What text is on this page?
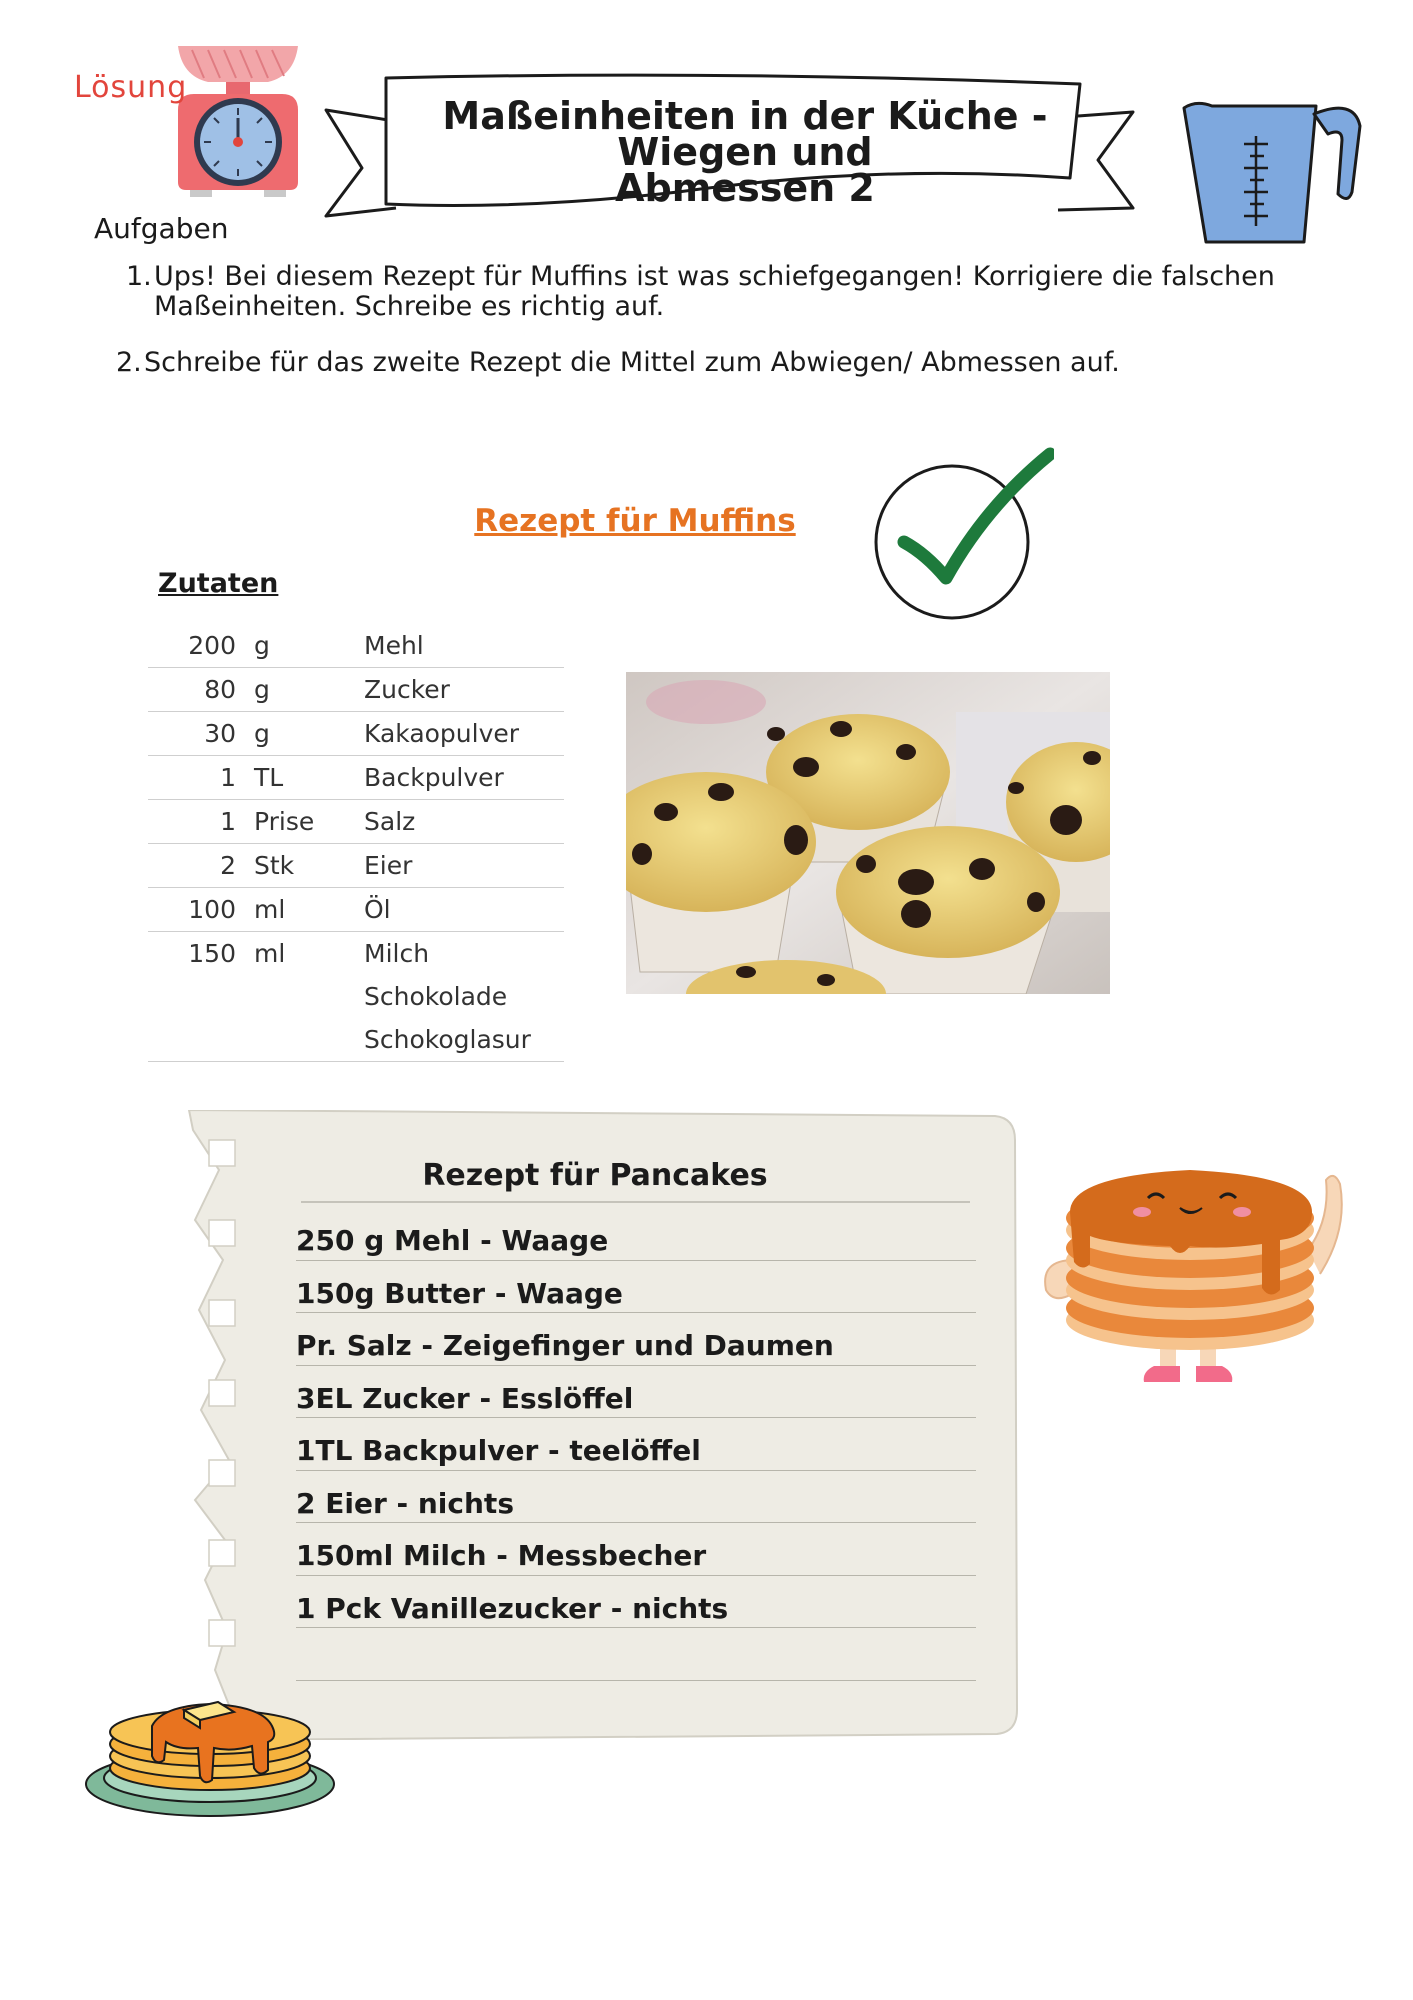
Lösung
Maßeinheiten in der Küche - Wiegen und
Abmessen 2
Aufgaben
1.Ups! Bei diesem Rezept für Muffins ist was schiefgegangen! Korrigiere die falschen
Maßeinheiten. Schreibe es richtig auf.
2.Schreibe für das zweite Rezept die Mittel zum Abwiegen/ Abmessen auf.
Rezept für Muffins
Zutaten
200	g	Mehl
80	g	Zucker
30	g	Kakaopulver
1	TL	Backpulver
1	Prise	Salz
2	Stk	Eier
100	ml	Öl
150	ml	Milch
		Schokolade
		Schokoglasur
Rezept für Pancakes
250 g Mehl - Waage
150g Butter - Waage
Pr. Salz - Zeigefinger und Daumen
3EL Zucker - Esslöffel
1TL Backpulver - teelöffel
2 Eier - nichts
150ml Milch - Messbecher
1 Pck Vanillezucker - nichts
